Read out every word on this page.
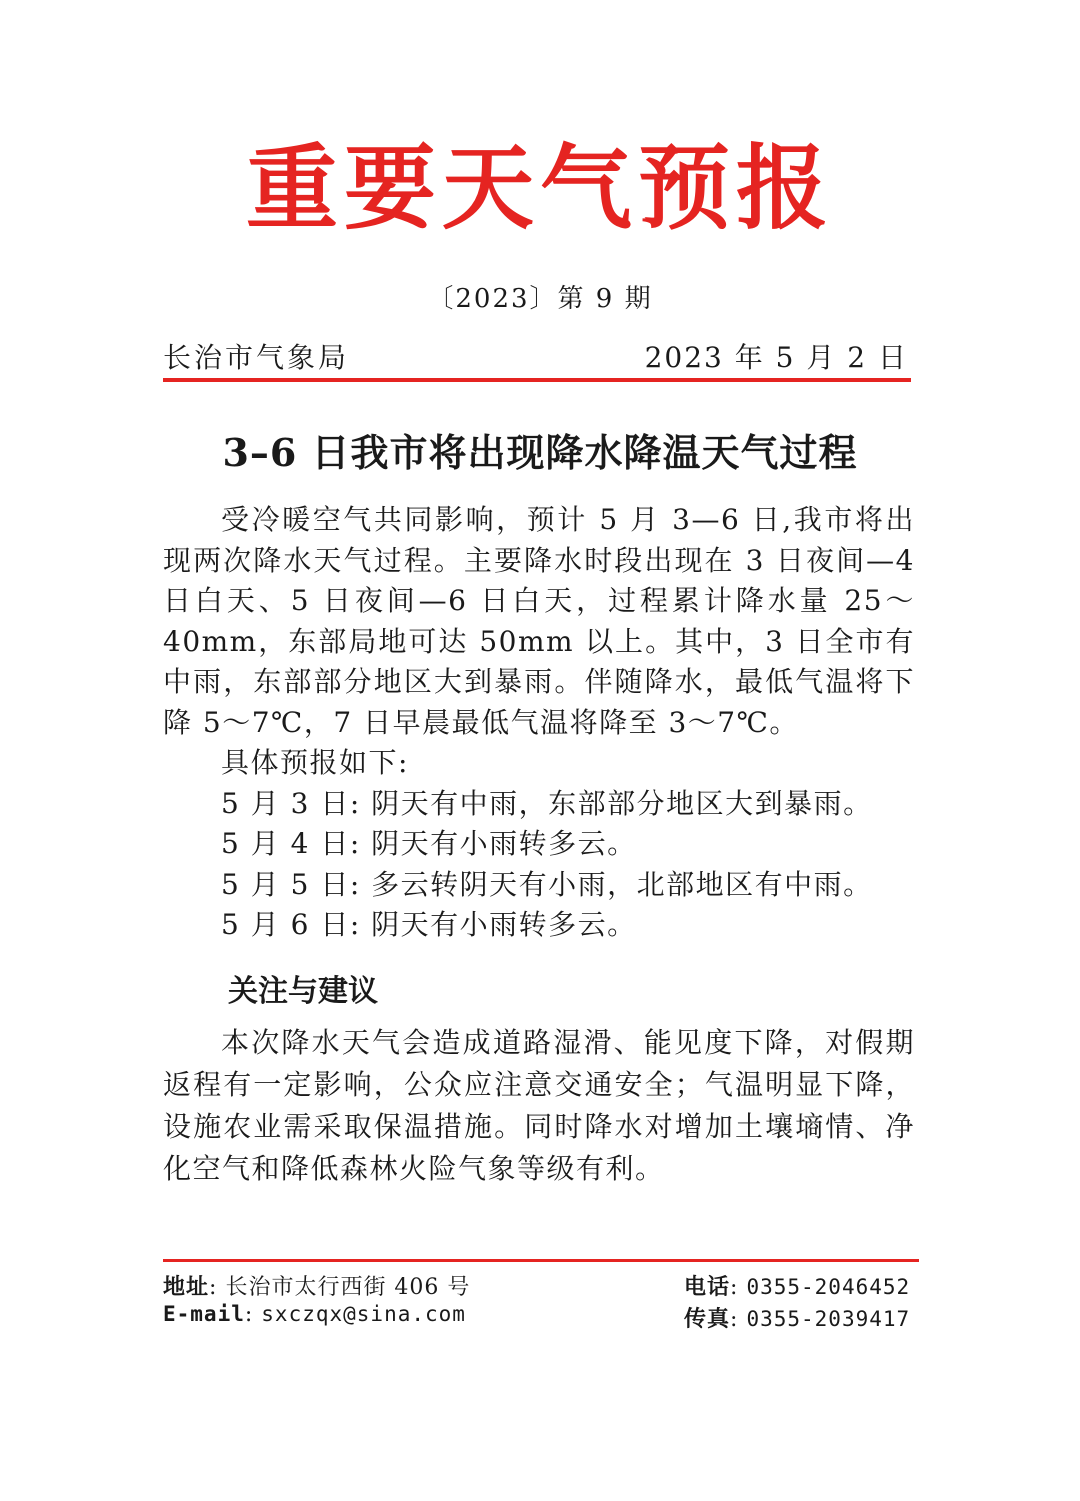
重要天气预报
〔2023〕第 9 期
长治市气象局	2023 年 5 月 2 日
3–6 日我市将出现降水降温天气过程

受冷暖空气共同影响，预计 5 月 3—6 日,我市将出现两次降水天气过程。主要降水时段出现在 3 日夜间—4 日白天、5 日夜间—6 日白天，过程累计降水量 25～40mm，东部局地可达 50mm 以上。其中，3 日全市有中雨，东部部分地区大到暴雨。伴随降水，最低气温将下降 5～7℃，7 日早晨最低气温将降至 3～7℃。

具体预报如下:

5 月 3 日: 阴天有中雨，东部部分地区大到暴雨。
5 月 4 日: 阴天有小雨转多云。
5 月 5 日: 多云转阴天有小雨，北部地区有中雨。
5 月 6 日: 阴天有小雨转多云。
关注与建议

本次降水天气会造成道路湿滑、能见度下降，对假期返程有一定影响，公众应注意交通安全；气温明显下降，设施农业需采取保温措施。同时降水对增加土壤墒情、净化空气和降低森林火险气象等级有利。

地址: 长治市太行西街 406 号
E-mail: sxczqx@sina.com
电话: 0355-2046452
传真: 0355-2039417
